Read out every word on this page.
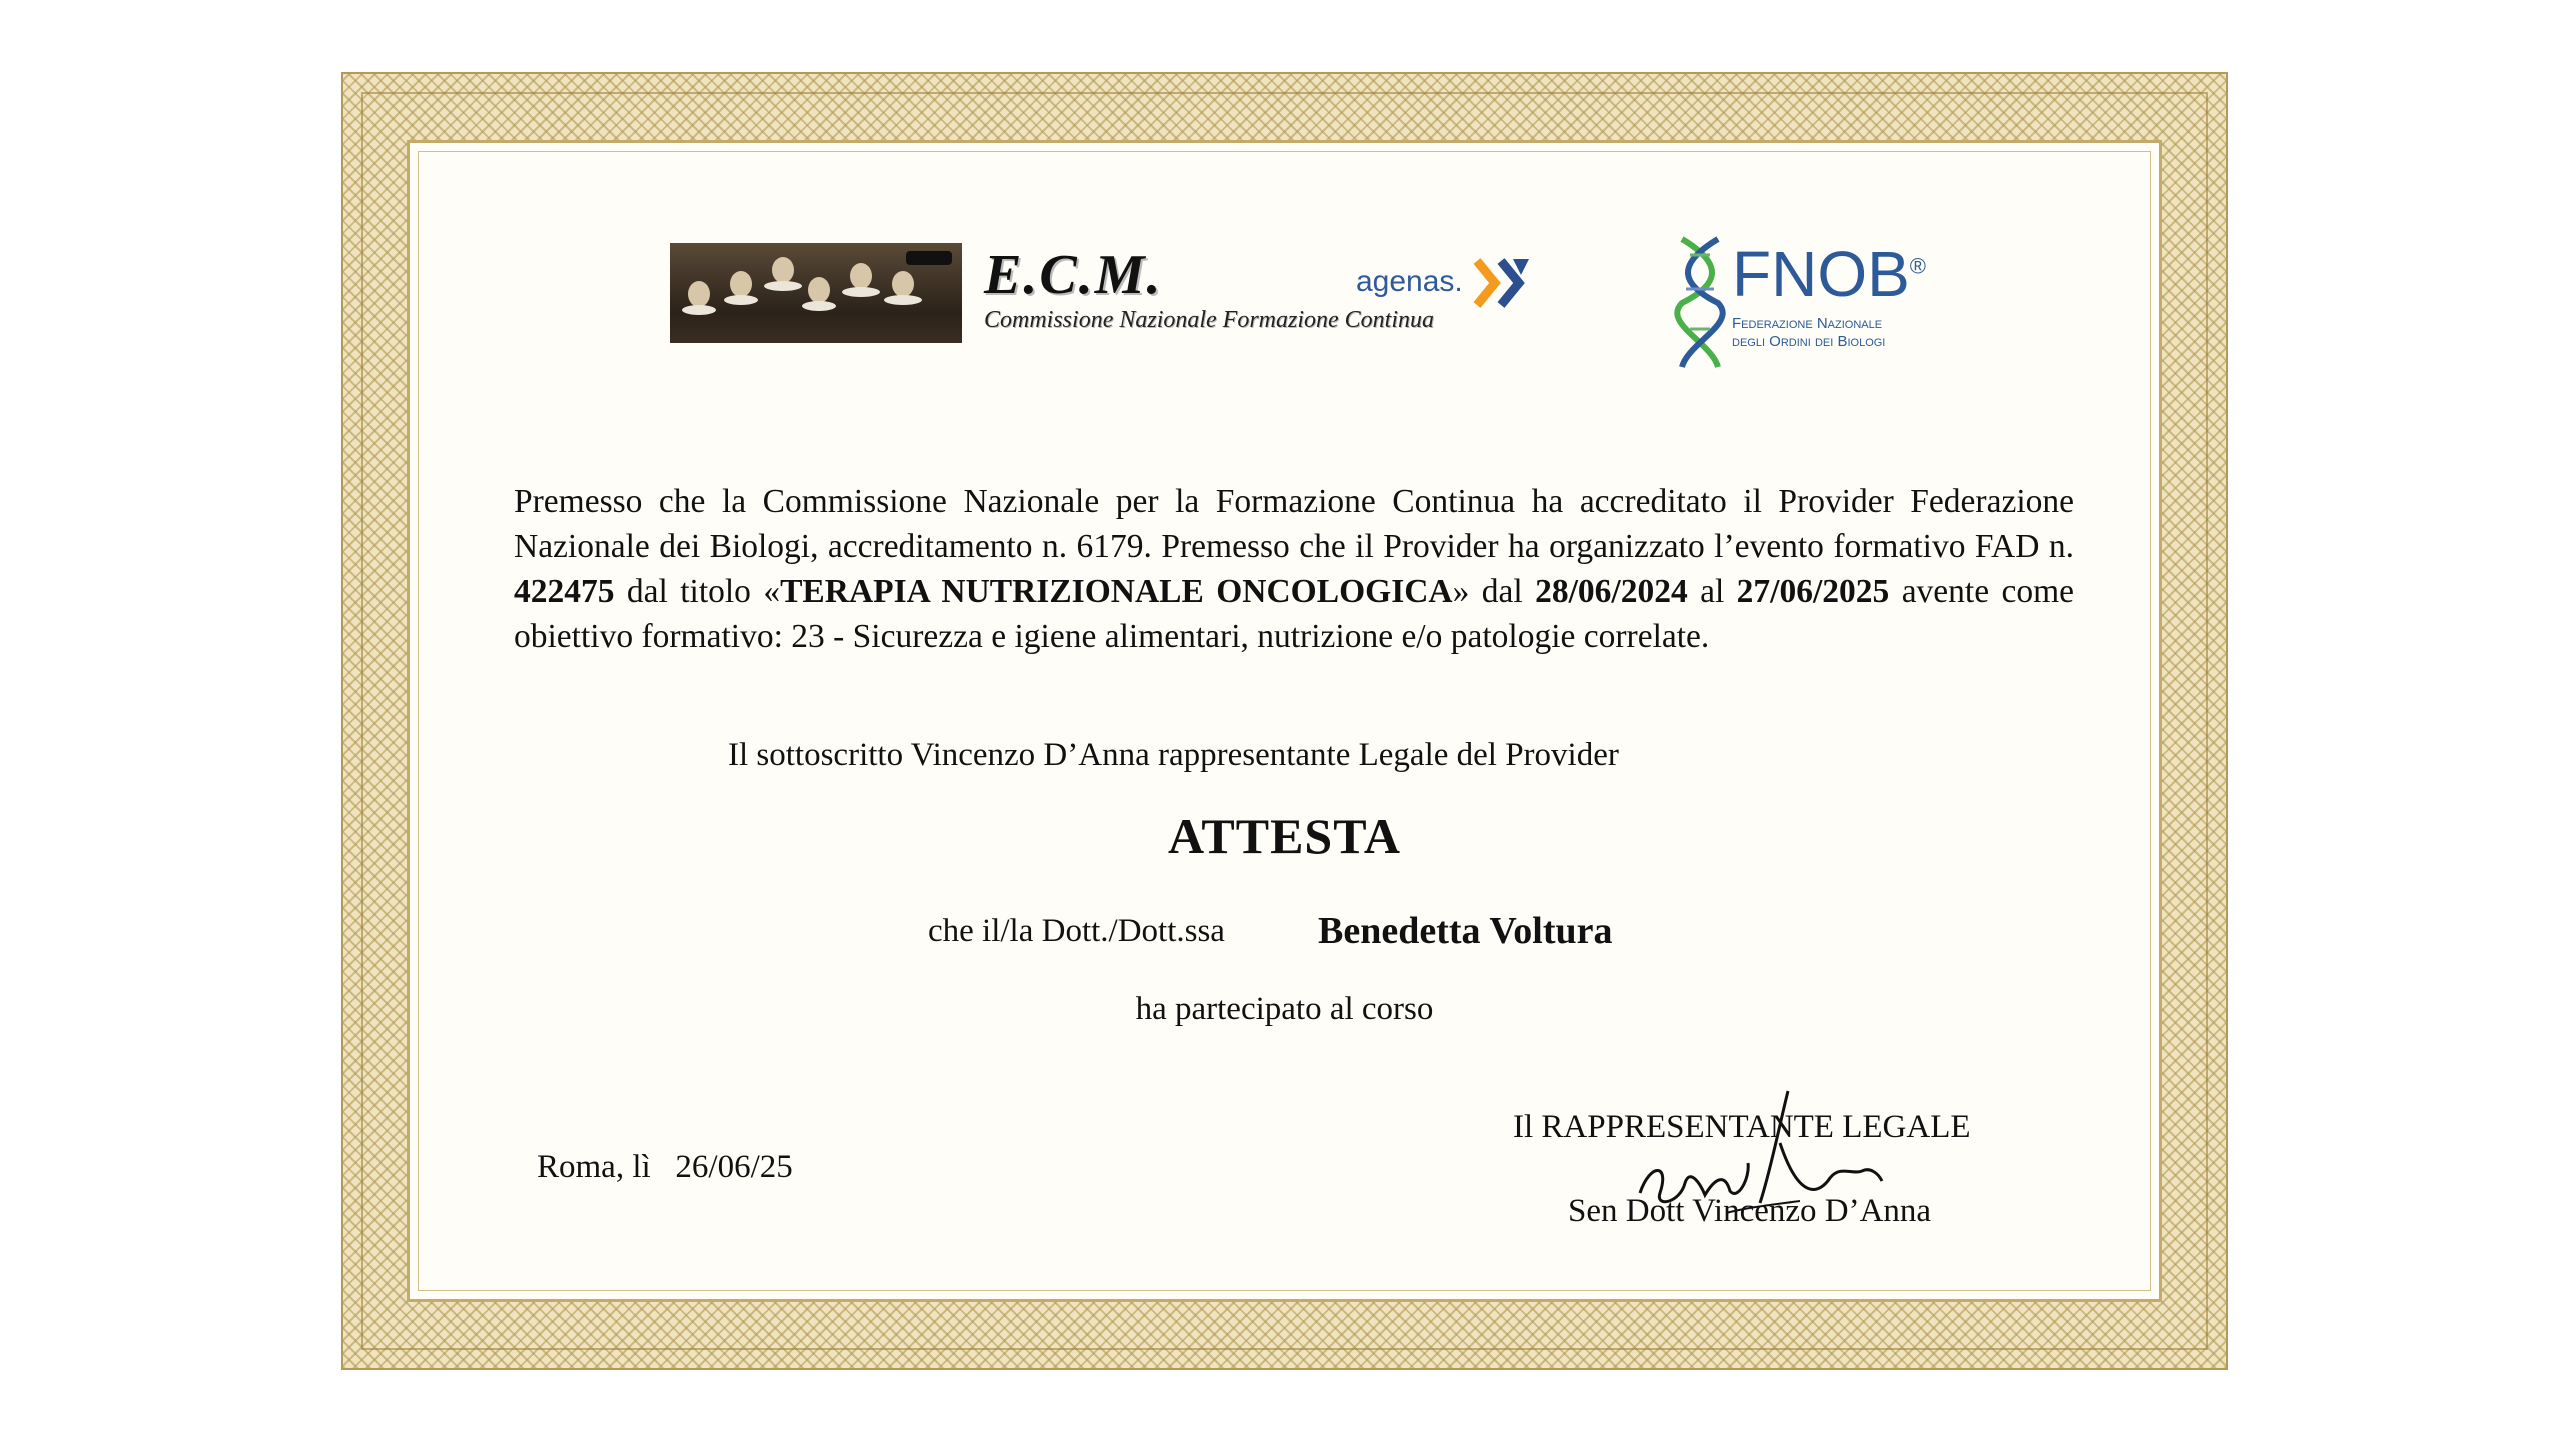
E.C.M.
Commissione Nazionale Formazione Continua
agenas.	FNOB®
Federazione Nazionale
degli Ordini dei Biologi
Premesso che la Commissione Nazionale per la Formazione Continua ha accreditato il Provider Federazione Nazionale dei Biologi, accreditamento n. 6179. Premesso che il Provider ha organizzato l’evento formativo FAD n. 422475 dal titolo «TERAPIA NUTRIZIONALE ONCOLOGICA» dal 28/06/2024 al 27/06/2025 avente come obiettivo formativo: 23 - Sicurezza e igiene alimentari, nutrizione e/o patologie correlate.
Il sottoscritto Vincenzo D’Anna rappresentante Legale del Provider
ATTESTA
che il/la Dott./Dott.ssa Benedetta Voltura
ha partecipato al corso
Roma, lì 26/06/25
Il RAPPRESENTANTE LEGALE
Sen Dott Vincenzo D’Anna
